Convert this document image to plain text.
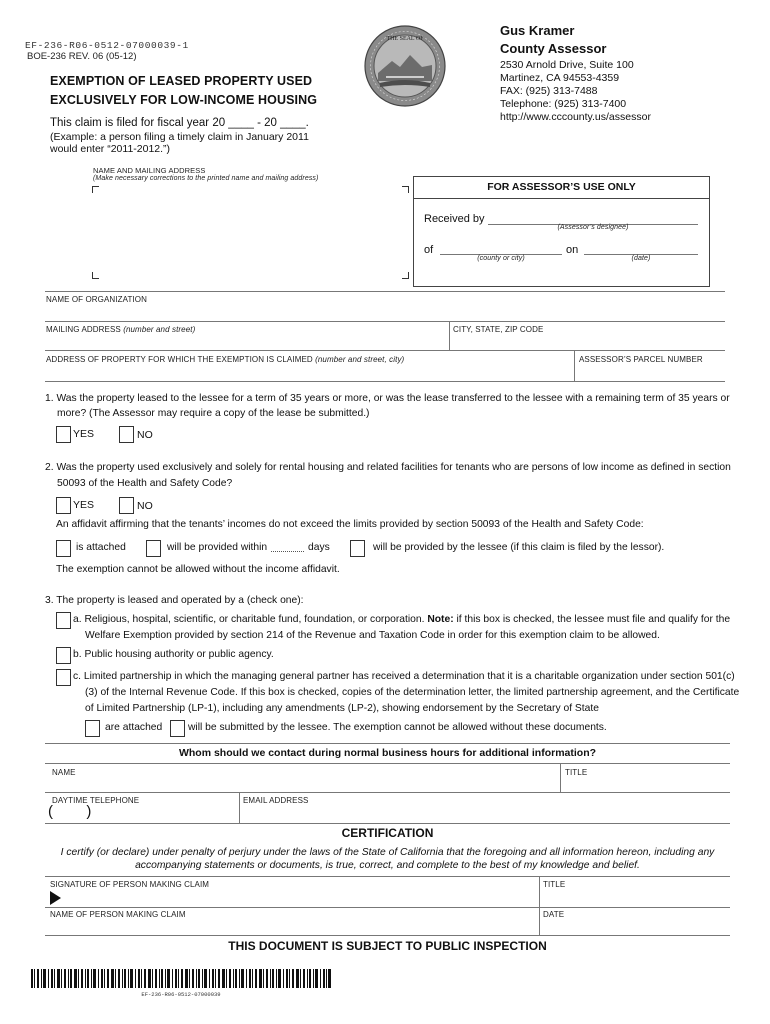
EF-236-R06-0512-07000039-1
BOE-236 REV. 06 (05-12)
EXEMPTION OF LEASED PROPERTY USED
EXCLUSIVELY FOR LOW-INCOME HOUSING
This claim is filed for fiscal year 20 ____ - 20 ____.
(Example: a person filing a timely claim in January 2011
would enter “2011-2012.”)
THE SEAL OF
Gus Kramer
County Assessor
2530 Arnold Drive, Suite 100
Martinez, CA 94553-4359
FAX: (925) 313-7488
Telephone: (925) 313-7400
http://www.cccounty.us/assessor
NAME AND MAILING ADDRESS
(Make necessary corrections to the printed name and mailing address)
FOR ASSESSOR’S USE ONLY
Received by
(Assessor’s designee)
of
(county or city)
on
(date)
NAME OF ORGANIZATION
MAILING ADDRESS (number and street)	CITY, STATE, ZIP CODE
ADDRESS OF PROPERTY FOR WHICH THE EXEMPTION IS CLAIMED (number and street, city)	ASSESSOR’S PARCEL NUMBER
1. Was the property leased to the lessee for a term of 35 years or more, or was the lease transferred to the lessee with a remaining term of 35 years or
more? (The Assessor may require a copy of the lease be submitted.)
YES	NO
2. Was the property used exclusively and solely for rental housing and related facilities for tenants who are persons of low income as defined in section
50093 of the Health and Safety Code?
YES	NO
An affidavit affirming that the tenants’ incomes do not exceed the limits provided by section 50093 of the Health and Safety Code:
is attached	will be provided within	days	will be provided by the lessee (if this claim is filed by the lessor).
The exemption cannot be allowed without the income affidavit.
3. The property is leased and operated by a (check one):
a. Religious, hospital, scientific, or charitable fund, foundation, or corporation. Note: if this box is checked, the lessee must file and qualify for the
Welfare Exemption provided by section 214 of the Revenue and Taxation Code in order for this exemption claim to be allowed.
b. Public housing authority or public agency.
c. Limited partnership in which the managing general partner has received a determination that it is a charitable organization under section 501(c)
(3) of the Internal Revenue Code. If this box is checked, copies of the determination letter, the limited partnership agreement, and the Certificate
of Limited Partnership (LP-1), including any amendments (LP-2), showing endorsement by the Secretary of State
are attached	will be submitted by the lessee. The exemption cannot be allowed without these documents.
Whom should we contact during normal business hours for additional information?
NAME	TITLE
DAYTIME TELEPHONE
(        )
EMAIL ADDRESS
CERTIFICATION
I certify (or declare) under penalty of perjury under the laws of the State of California that the foregoing and all information hereon, including any
accompanying statements or documents, is true, correct, and complete to the best of my knowledge and belief.
SIGNATURE OF PERSON MAKING CLAIM	TITLE
NAME OF PERSON MAKING CLAIM	DATE
THIS DOCUMENT IS SUBJECT TO PUBLIC INSPECTION
EF-236-R06-0512-07000039
